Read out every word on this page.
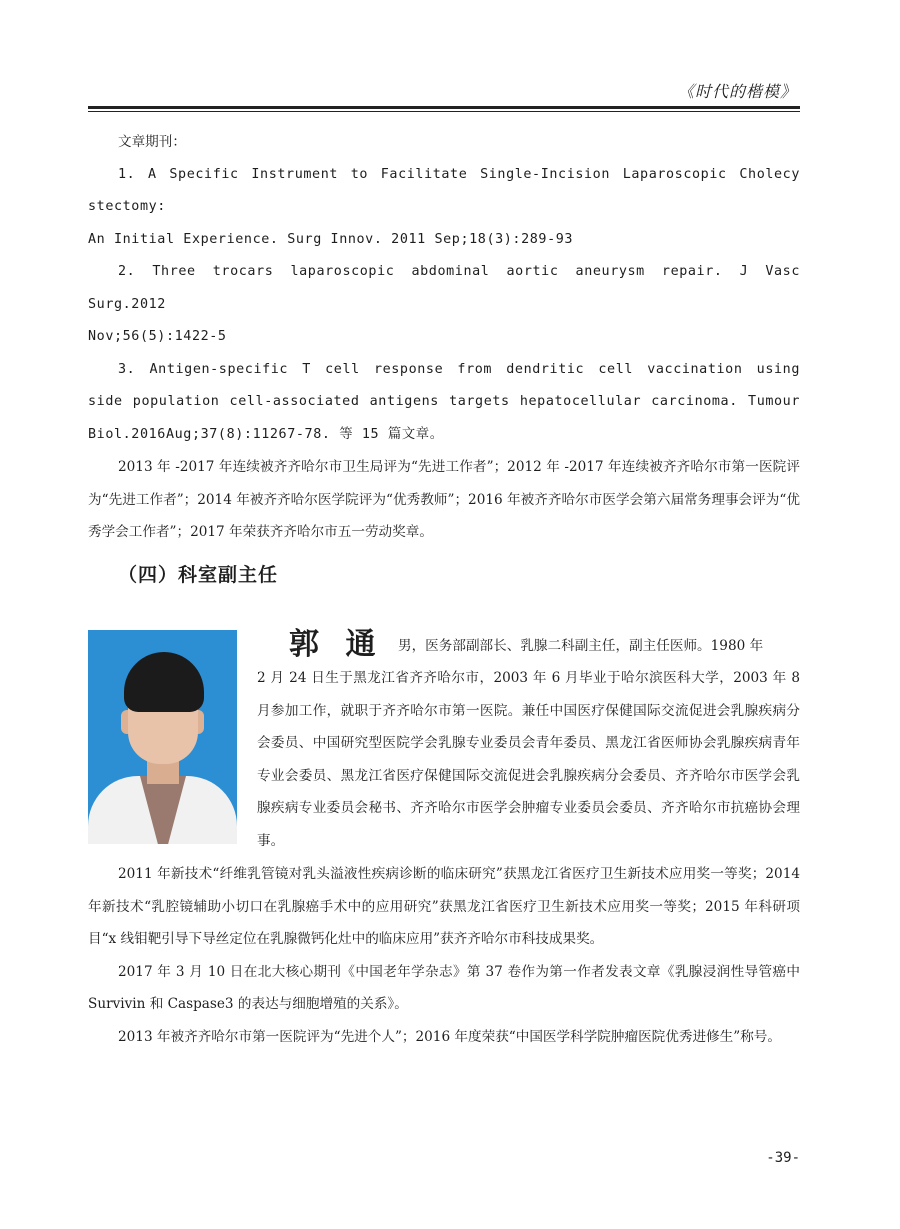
《时代的楷模》

文章期刊：

1. A Specific Instrument to Facilitate Single-Incision Laparoscopic Cholecy stectomy:

An Initial Experience. Surg Innov. 2011 Sep;18(3):289-93

2. Three trocars laparoscopic abdominal aortic aneurysm repair. J Vasc Surg.2012

Nov;56(5):1422-5

3. Antigen-specific T cell response from dendritic cell vaccination using

side population cell-associated antigens targets hepatocellular carcinoma. Tumour

Biol.2016Aug;37(8):11267-78. 等 15 篇文章。

2013 年 -2017 年连续被齐齐哈尔市卫生局评为“先进工作者”；2012 年 -2017 年连续被齐齐哈尔市第一医院评为“先进工作者”；2014 年被齐齐哈尔医学院评为“优秀教师”；2016 年被齐齐哈尔市医学会第六届常务理事会评为“优秀学会工作者”；2017 年荣获齐齐哈尔市五一劳动奖章。

（四）科室副主任
郭 通 男，医务部副部长、乳腺二科副主任，副主任医师。1980 年
2 月 24 日生于黑龙江省齐齐哈尔市，2003 年 6 月毕业于哈尔滨医科大学，2003 年 8 月参加工作，就职于齐齐哈尔市第一医院。兼任中国医疗保健国际交流促进会乳腺疾病分会委员、中国研究型医院学会乳腺专业委员会青年委员、黑龙江省医师协会乳腺疾病青年专业会委员、黑龙江省医疗保健国际交流促进会乳腺疾病分会委员、齐齐哈尔市医学会乳腺疾病专业委员会秘书、齐齐哈尔市医学会肿瘤专业委员会委员、齐齐哈尔市抗癌协会理事。

2011 年新技术“纤维乳管镜对乳头溢液性疾病诊断的临床研究”获黑龙江省医疗卫生新技术应用奖一等奖；2014 年新技术“乳腔镜辅助小切口在乳腺癌手术中的应用研究”获黑龙江省医疗卫生新技术应用奖一等奖；2015 年科研项目“x 线钼靶引导下导丝定位在乳腺微钙化灶中的临床应用”获齐齐哈尔市科技成果奖。

2017 年 3 月 10 日在北大核心期刊《中国老年学杂志》第 37 卷作为第一作者发表文章《乳腺浸润性导管癌中 Survivin 和 Caspase3 的表达与细胞增殖的关系》。

2013 年被齐齐哈尔市第一医院评为“先进个人”；2016 年度荣获“中国医学科学院肿瘤医院优秀进修生”称号。

-39-
